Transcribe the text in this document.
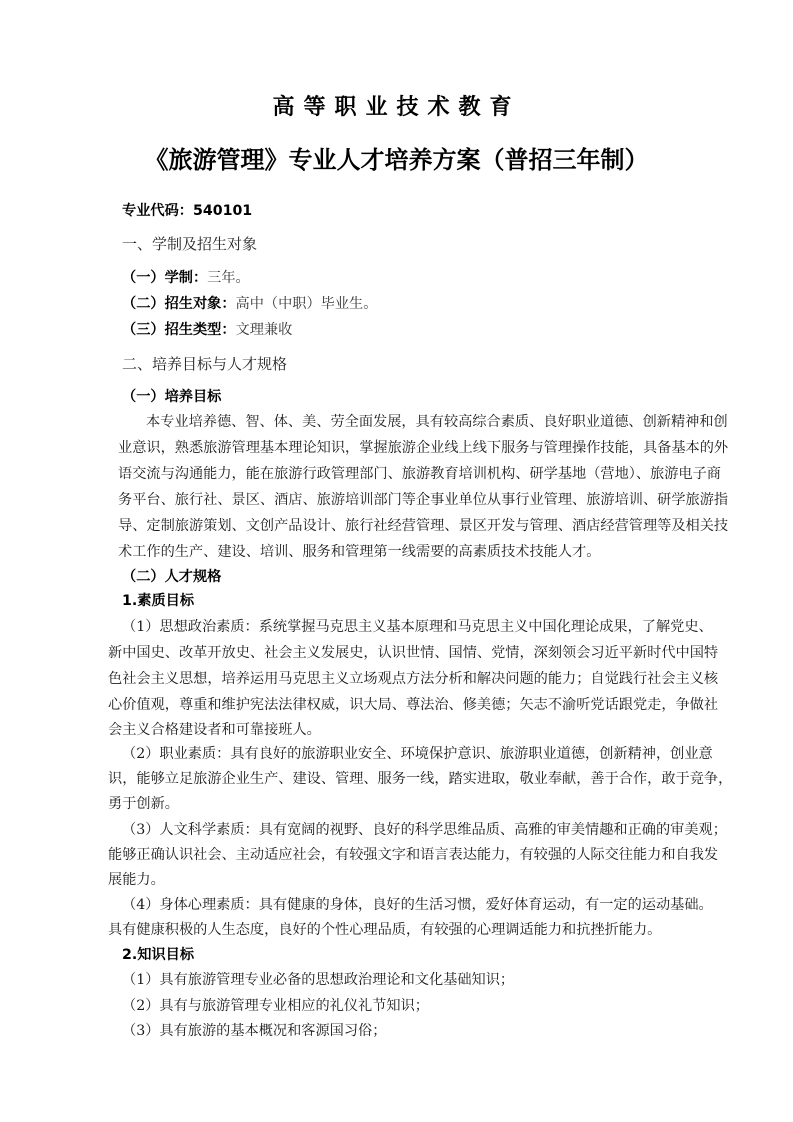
高等职业技术教育
《旅游管理》专业人才培养方案（普招三年制）
专业代码：540101
一、学制及招生对象
（一）学制：三年。
（二）招生对象：高中（中职）毕业生。
（三）招生类型：文理兼收
二、培养目标与人才规格
（一）培养目标
本专业培养德、智、体、美、劳全面发展，具有较高综合素质、良好职业道德、创新精神和创
业意识，熟悉旅游管理基本理论知识，掌握旅游企业线上线下服务与管理操作技能，具备基本的外
语交流与沟通能力，能在旅游行政管理部门、旅游教育培训机构、研学基地（营地）、旅游电子商
务平台、旅行社、景区、酒店、旅游培训部门等企事业单位从事行业管理、旅游培训、研学旅游指
导、定制旅游策划、文创产品设计、旅行社经营管理、景区开发与管理、酒店经营管理等及相关技
术工作的生产、建设、培训、服务和管理第一线需要的高素质技术技能人才。
（二）人才规格
1.素质目标
（1）思想政治素质：系统掌握马克思主义基本原理和马克思主义中国化理论成果，了解党史、
新中国史、改革开放史、社会主义发展史，认识世情、国情、党情，深刻领会习近平新时代中国特
色社会主义思想，培养运用马克思主义立场观点方法分析和解决问题的能力；自觉践行社会主义核
心价值观，尊重和维护宪法法律权威，识大局、尊法治、修美德；矢志不渝听党话跟党走，争做社
会主义合格建设者和可靠接班人。
（2）职业素质：具有良好的旅游职业安全、环境保护意识、旅游职业道德，创新精神，创业意
识，能够立足旅游企业生产、建设、管理、服务一线，踏实进取，敬业奉献，善于合作，敢于竞争，
勇于创新。
（3）人文科学素质：具有宽阔的视野、良好的科学思维品质、高雅的审美情趣和正确的审美观；
能够正确认识社会、主动适应社会，有较强文字和语言表达能力，有较强的人际交往能力和自我发
展能力。
（4）身体心理素质：具有健康的身体，良好的生活习惯，爱好体育运动，有一定的运动基础。
具有健康积极的人生态度，良好的个性心理品质，有较强的心理调适能力和抗挫折能力。
2.知识目标
（1）具有旅游管理专业必备的思想政治理论和文化基础知识；
（2）具有与旅游管理专业相应的礼仪礼节知识；
（3）具有旅游的基本概况和客源国习俗；
